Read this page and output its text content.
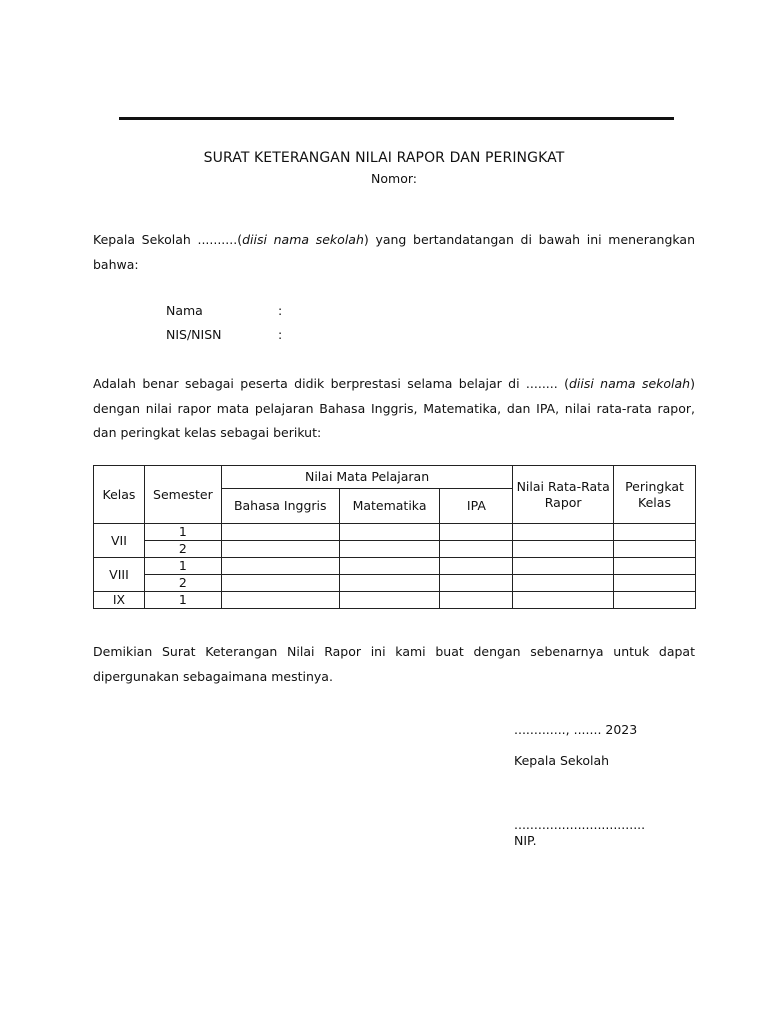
SURAT KETERANGAN NILAI RAPOR DAN PERINGKAT
Nomor:

Kepala Sekolah ..........(diisi nama sekolah) yang bertandatangan di bawah ini menerangkan bahwa:

Nama	:
NIS/NISN	:

Adalah benar sebagai peserta didik berprestasi selama belajar di ........ (diisi nama sekolah) dengan nilai rapor mata pelajaran Bahasa Inggris, Matematika, dan IPA, nilai rata-rata rapor, dan peringkat kelas sebagai berikut:

Kelas	Semester	Nilai Mata Pelajaran			Nilai Rata-Rata Rapor	Peringkat Kelas
		Bahasa Inggris	Matematika	IPA		
VII	1					
	2					
VIII	1					
	2					
IX	1					

Demikian Surat Keterangan Nilai Rapor ini kami buat dengan sebenarnya untuk dapat dipergunakan sebagaimana mestinya.

............., ....... 2023
Kepala Sekolah
.................................
NIP.
